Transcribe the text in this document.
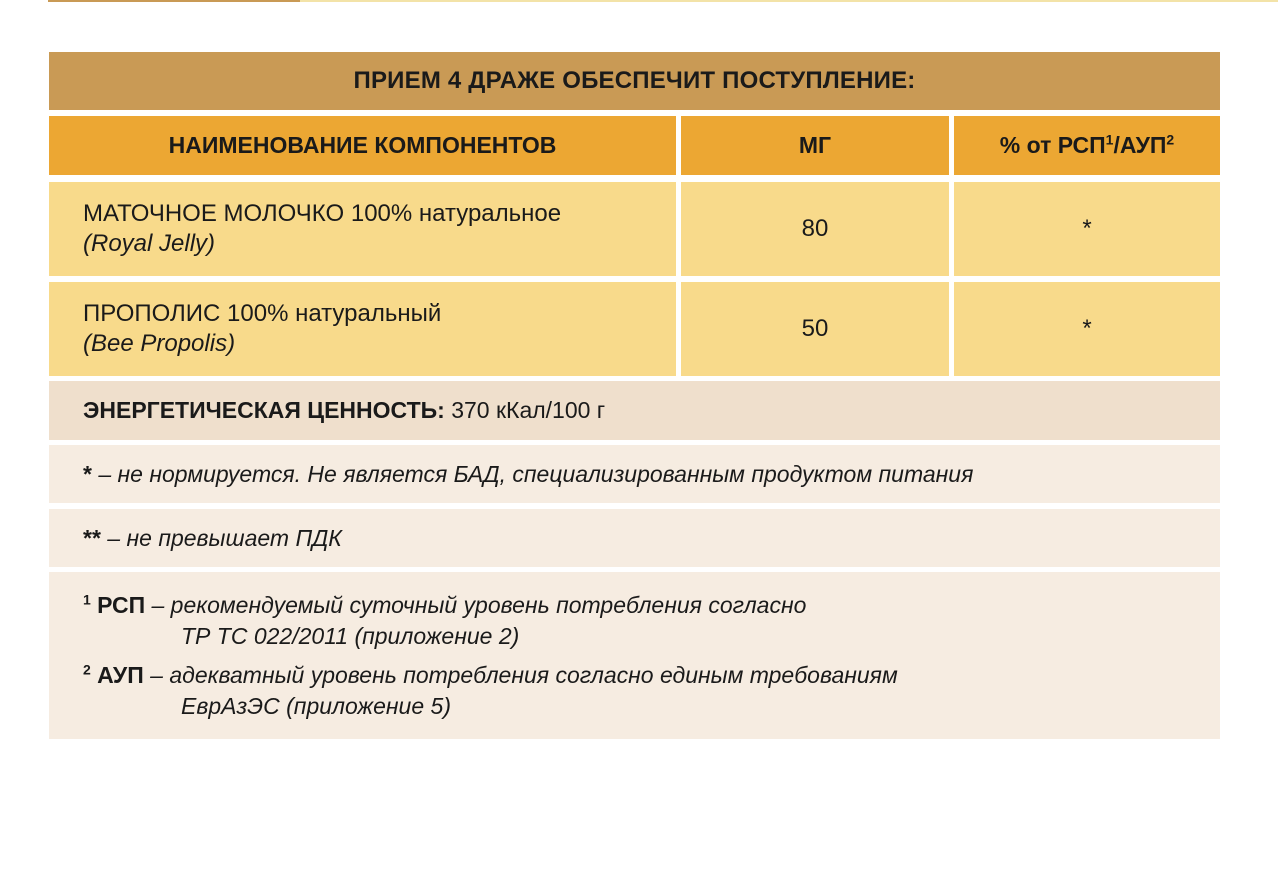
ПРИЕМ 4 ДРАЖЕ ОБЕСПЕЧИТ ПОСТУПЛЕНИЕ:
НАИМЕНОВАНИЕ КОМПОНЕНТОВ	МГ	% от РСП$^1$/АУП$^2$
МАТОЧНОЕ МОЛОЧКО 100% натуральное
(Royal Jelly)
80	*
ПРОПОЛИС 100% натуральный
(Bee Propolis)
50	*
ЭНЕРГЕТИЧЕСКАЯ ЦЕННОСТЬ: 370 кКал/100 г
* – не нормируется. Не является БАД, специализированным продуктом питания
** – не превышает ПДК
$^1$ РСП – рекомендуемый суточный уровень потребления согласно
ТР ТС 022/2011 (приложение 2)
$^2$ АУП – адекватный уровень потребления согласно единым требованиям
ЕврАзЭС (приложение 5)
